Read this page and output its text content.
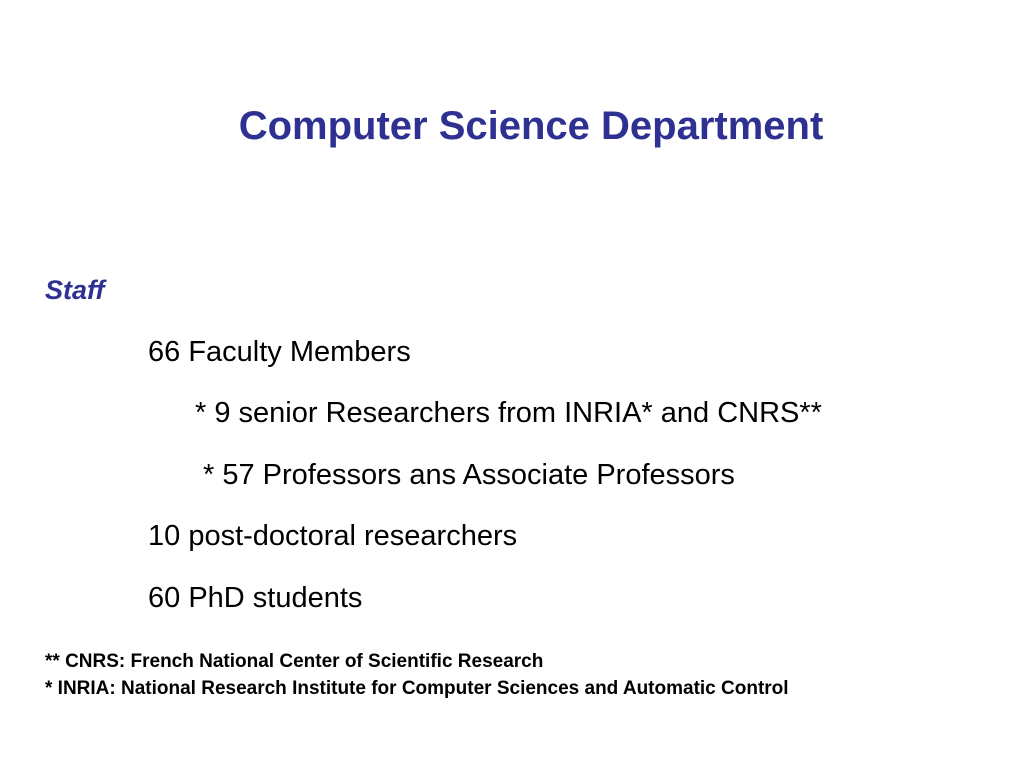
Computer Science Department
Staff
66 Faculty Members
* 9 senior Researchers from INRIA* and CNRS**
* 57 Professors ans Associate Professors
10 post-doctoral researchers
60 PhD students
** CNRS: French National Center of Scientific Research
* INRIA: National Research Institute for Computer Sciences and Automatic Control
